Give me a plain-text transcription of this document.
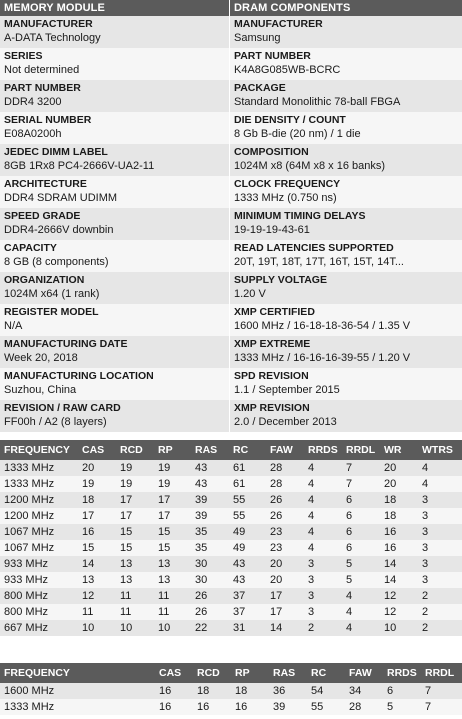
MEMORY MODULE
MANUFACTURER
A-DATA Technology
SERIES
Not determined
PART NUMBER
DDR4 3200
SERIAL NUMBER
E08A0200h
JEDEC DIMM LABEL
8GB 1Rx8 PC4-2666V-UA2-11
ARCHITECTURE
DDR4 SDRAM UDIMM
SPEED GRADE
DDR4-2666V downbin
CAPACITY
8 GB (8 components)
ORGANIZATION
1024M x64 (1 rank)
REGISTER MODEL
N/A
MANUFACTURING DATE
Week 20, 2018
MANUFACTURING LOCATION
Suzhou, China
REVISION / RAW CARD
FF00h / A2 (8 layers)
DRAM COMPONENTS
MANUFACTURER
Samsung
PART NUMBER
K4A8G085WB-BCRC
PACKAGE
Standard Monolithic 78-ball FBGA
DIE DENSITY / COUNT
8 Gb B-die (20 nm) / 1 die
COMPOSITION
1024M x8 (64M x8 x 16 banks)
CLOCK FREQUENCY
1333 MHz (0.750 ns)
MINIMUM TIMING DELAYS
19-19-19-43-61
READ LATENCIES SUPPORTED
20T, 19T, 18T, 17T, 16T, 15T, 14T...
SUPPLY VOLTAGE
1.20 V
XMP CERTIFIED
1600 MHz / 16-18-18-36-54 / 1.35 V
XMP EXTREME
1333 MHz / 16-16-16-39-55 / 1.20 V
SPD REVISION
1.1 / September 2015
XMP REVISION
2.0 / December 2013
FREQUENCY	CAS	RCD	RP	RAS	RC	FAW	RRDS	RRDL	WR	WTRS
1333 MHz	20	19	19	43	61	28	4	7	20	4
1333 MHz	19	19	19	43	61	28	4	7	20	4
1200 MHz	18	17	17	39	55	26	4	6	18	3
1200 MHz	17	17	17	39	55	26	4	6	18	3
1067 MHz	16	15	15	35	49	23	4	6	16	3
1067 MHz	15	15	15	35	49	23	4	6	16	3
933 MHz	14	13	13	30	43	20	3	5	14	3
933 MHz	13	13	13	30	43	20	3	5	14	3
800 MHz	12	11	11	26	37	17	3	4	12	2
800 MHz	11	11	11	26	37	17	3	4	12	2
667 MHz	10	10	10	22	31	14	2	4	10	2
FREQUENCY	CAS	RCD	RP	RAS	RC	FAW	RRDS	RRDL
1600 MHz	16	18	18	36	54	34	6	7
1333 MHz	16	16	16	39	55	28	5	7
